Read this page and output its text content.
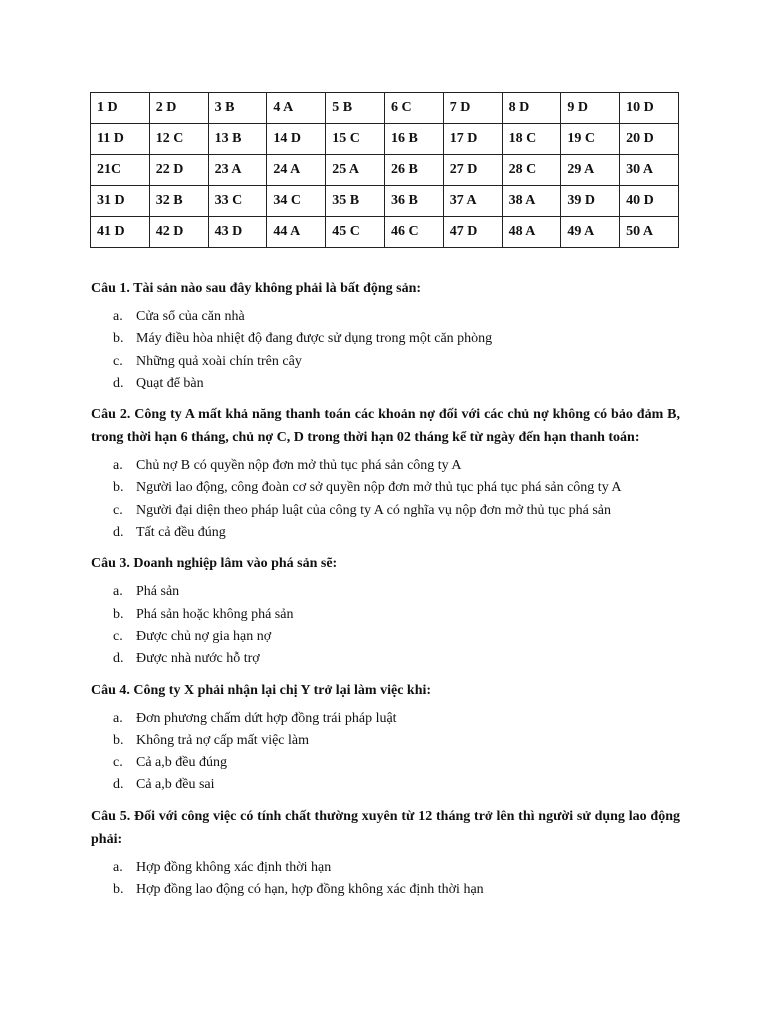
1 D	2 D	3 B	4 A	5 B	6 C	7 D	8 D	9 D	10 D
11 D	12 C	13 B	14 D	15 C	16 B	17 D	18 C	19 C	20 D
21C	22 D	23 A	24 A	25 A	26 B	27 D	28 C	29 A	30 A
31 D	32 B	33 C	34 C	35 B	36 B	37 A	38 A	39 D	40 D
41 D	42 D	43 D	44 A	45 C	46 C	47 D	48 A	49 A	50 A
Câu 1. Tài sản nào sau đây không phải là bất động sản:
a. Cửa sổ của căn nhà
b. Máy điều hòa nhiệt độ đang được sử dụng trong một căn phòng
c. Những quả xoài chín trên cây
d. Quạt để bàn
Câu 2. Công ty A mất khả năng thanh toán các khoản nợ đối với các chủ nợ không có bảo đảm B, trong thời hạn 6 tháng, chủ nợ C, D trong thời hạn 02 tháng kể từ ngày đến hạn thanh toán:
a. Chủ nợ B có quyền nộp đơn mở thủ tục phá sản công ty A
b. Người lao động, công đoàn cơ sở quyền nộp đơn mở thủ tục phá tục phá sản công ty A
c. Người đại diện theo pháp luật của công ty A có nghĩa vụ nộp đơn mở thủ tục phá sản
d. Tất cả đều đúng
Câu 3. Doanh nghiệp lâm vào phá sản sẽ:
a. Phá sản
b. Phá sản hoặc không phá sản
c. Được chủ nợ gia hạn nợ
d. Được nhà nước hỗ trợ
Câu 4. Công ty X phải nhận lại chị Y trở lại làm việc khi:
a. Đơn phương chấm dứt hợp đồng trái pháp luật
b. Không trả nợ cấp mất việc làm
c. Cả a,b đều đúng
d. Cả a,b đều sai
Câu 5. Đối với công việc có tính chất thường xuyên từ 12 tháng trở lên thì người sử dụng lao động phải:
a. Hợp đồng không xác định thời hạn
b. Hợp đồng lao động có hạn, hợp đồng không xác định thời hạn
